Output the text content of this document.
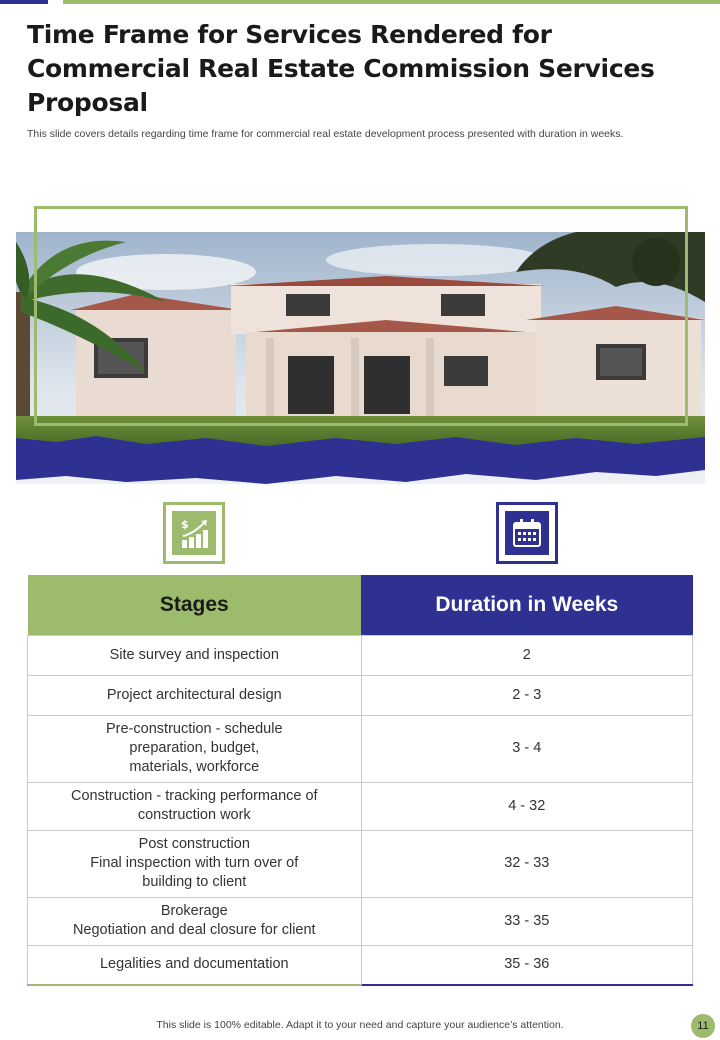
Time Frame for Services Rendered for Commercial Real Estate Commission Services Proposal

This slide covers details regarding time frame for commercial real estate development process presented with duration in weeks.

$
Stages	Duration in Weeks
Site survey and inspection	2
Project architectural design	2 - 3
Pre-construction - schedule
preparation, budget,
materials, workforce	3 - 4
Construction - tracking performance of
construction work	4 - 32
Post construction
Final inspection with turn over of
building to client	32 - 33
Brokerage
Negotiation and deal closure for client	33 - 35
Legalities and documentation	35 - 36
This slide is 100% editable. Adapt it to your need and capture your audience’s attention.	11
